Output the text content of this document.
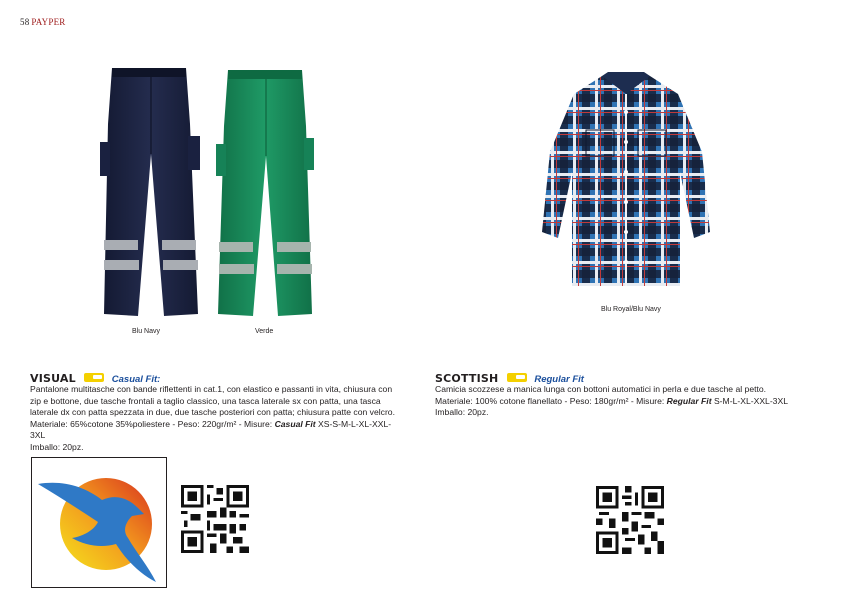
58 PAYPER
Blu Navy	Verde
Blu Royal/Blu Navy
VISUAL	Casual Fit:
Pantalone multitasche con bande riflettenti in cat.1, con elastico e passanti in vita, chiusura con
zip e bottone, due tasche frontali a taglio classico, una tasca laterale sx con patta, una tasca
laterale dx con patta spezzata in due, due tasche posteriori con patta; chiusura patte con velcro.
Materiale: 65%cotone 35%poliestere - Peso: 220gr/m² - Misure: Casual Fit XS-S-M-L-XL-XXL-3XL
Imballo: 20pz.
SCOTTISH	Regular Fit
Camicia scozzese a manica lunga con bottoni automatici in perla e due tasche al petto.
Materiale: 100% cotone flanellato - Peso: 180gr/m² - Misure: Regular Fit S-M-L-XL-XXL-3XL
Imballo: 20pz.
